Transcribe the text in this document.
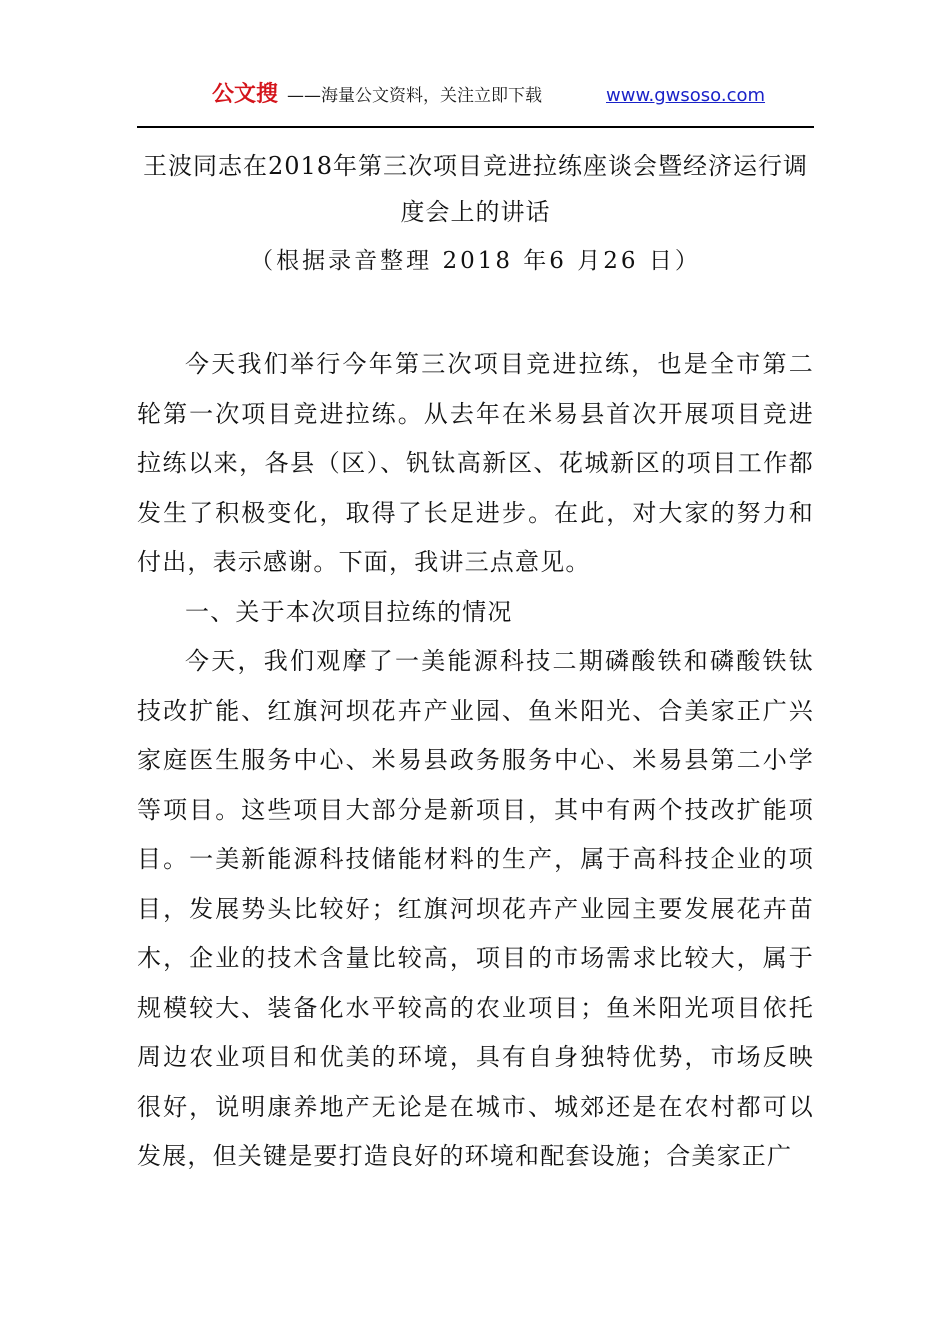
公文搜 ——海量公文资料，关注立即下载	www.gwsoso.com
王波同志在2018年第三次项目竞进拉练座谈会暨经济运行调度会上的讲话
（根据录音整理 2018 年6 月26 日）

今天我们举行今年第三次项目竞进拉练，也是全市第二轮第一次项目竞进拉练。从去年在米易县首次开展项目竞进拉练以来，各县（区）、钒钛高新区、花城新区的项目工作都发生了积极变化，取得了长足进步。在此，对大家的努力和付出，表示感谢。下面，我讲三点意见。

一、关于本次项目拉练的情况

今天，我们观摩了一美能源科技二期磷酸铁和磷酸铁钛技改扩能、红旗河坝花卉产业园、鱼米阳光、合美家正广兴家庭医生服务中心、米易县政务服务中心、米易县第二小学等项目。这些项目大部分是新项目，其中有两个技改扩能项目。一美新能源科技储能材料的生产，属于高科技企业的项目，发展势头比较好；红旗河坝花卉产业园主要发展花卉苗木，企业的技术含量比较高，项目的市场需求比较大，属于规模较大、装备化水平较高的农业项目；鱼米阳光项目依托周边农业项目和优美的环境，具有自身独特优势，市场反映很好，说明康养地产无论是在城市、城郊还是在农村都可以发展，但关键是要打造良好的环境和配套设施；合美家正广
